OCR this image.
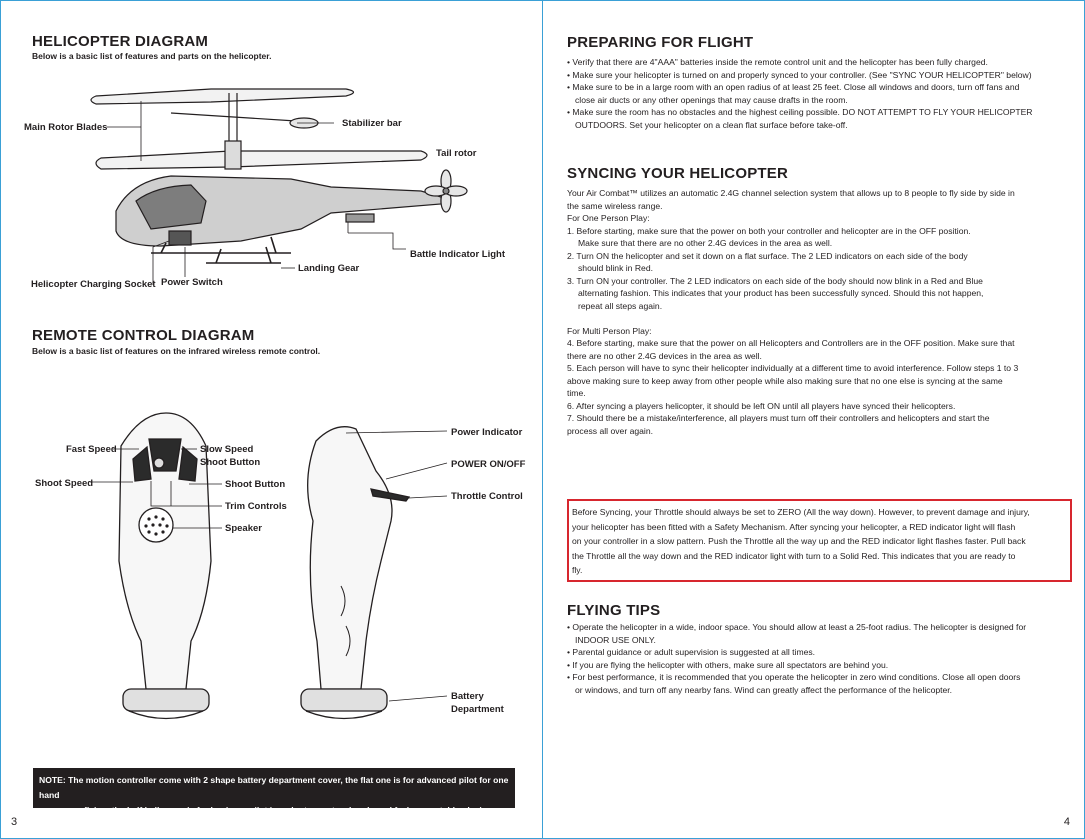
HELICOPTER DIAGRAM
Below is a basic list of features and parts on the helicopter.
Main Rotor Blades	Stabilizer bar
Tail rotor
Battle Indicator Light
Landing Gear
Helicopter Charging Socket Power Switch
REMOTE CONTROL DIAGRAM
Below is a basic list of features on the infrared wireless remote control.
Fast Speed	Slow Speed
Shoot Button
Shoot Speed	Shoot Button
Trim Controls
Speaker
Power Indicator
POWER ON/OFF
Throttle Control
Battery
Department
NOTE: The motion controller come with 2 shape battery department cover, the flat one is for advanced pilot for one hand
flying. the half ball cover is for beginner pilot in order to use two hands and feel more stable playing.
3
PREPARING FOR FLIGHT
• Verify that there are 4"AAA" batteries inside the remote control unit and the helicopter has been fully charged.
• Make sure your helicopter is turned on and properly synced to your controller. (See "SYNC YOUR HELICOPTER" below)
• Make sure to be in a large room with an open radius of at least 25 feet. Close all windows and doors, turn off fans and
close air ducts or any other openings that may cause drafts in the room.
• Make sure the room has no obstacles and the highest ceiling possible. DO NOT ATTEMPT TO FLY YOUR HELICOPTER
OUTDOORS. Set your helicopter on a clean flat surface before take-off.
SYNCING YOUR HELICOPTER
Your Air Combat™ utilizes an automatic 2.4G channel selection system that allows up to 8 people to fly side by side in
the same wireless range.
For One Person Play:
1. Before starting, make sure that the power on both your controller and helicopter are in the OFF position.
Make sure that there are no other 2.4G devices in the area as well.
2. Turn ON the helicopter and set it down on a flat surface. The 2 LED indicators on each side of the body
should blink in Red.
3. Turn ON your controller. The 2 LED indicators on each side of the body should now blink in a Red and Blue
alternating fashion. This indicates that your product has been successfully synced. Should this not happen,
repeat all steps again.
For Multi Person Play:
4. Before starting, make sure that the power on all Helicopters and Controllers are in the OFF position. Make sure that
there are no other 2.4G devices in the area as well.
5. Each person will have to sync their helicopter individually at a different time to avoid interference. Follow steps 1 to 3
above making sure to keep away from other people while also making sure that no one else is syncing at the same
time.
6. After syncing a players helicopter, it should be left ON until all players have synced their helicopters.
7. Should there be a mistake/interference, all players must turn off their controllers and helicopters and start the
process all over again.
Before Syncing, your Throttle should always be set to ZERO (All the way down). However, to prevent damage and injury,
your helicopter has been fitted with a Safety Mechanism. After syncing your helicopter, a RED indicator light will flash
on your controller in a slow pattern. Push the Throttle all the way up and the RED indicator light flashes faster. Pull back
the Throttle all the way down and the RED indicator light with turn to a Solid Red. This indicates that you are ready to
fly.
FLYING TIPS
• Operate the helicopter in a wide, indoor space. You should allow at least a 25-foot radius. The helicopter is designed for
INDOOR USE ONLY.
• Parental guidance or adult supervision is suggested at all times.
• If you are flying the helicopter with others, make sure all spectators are behind you.
• For best performance, it is recommended that you operate the helicopter in zero wind conditions. Close all open doors
or windows, and turn off any nearby fans. Wind can greatly affect the performance of the helicopter.
4
